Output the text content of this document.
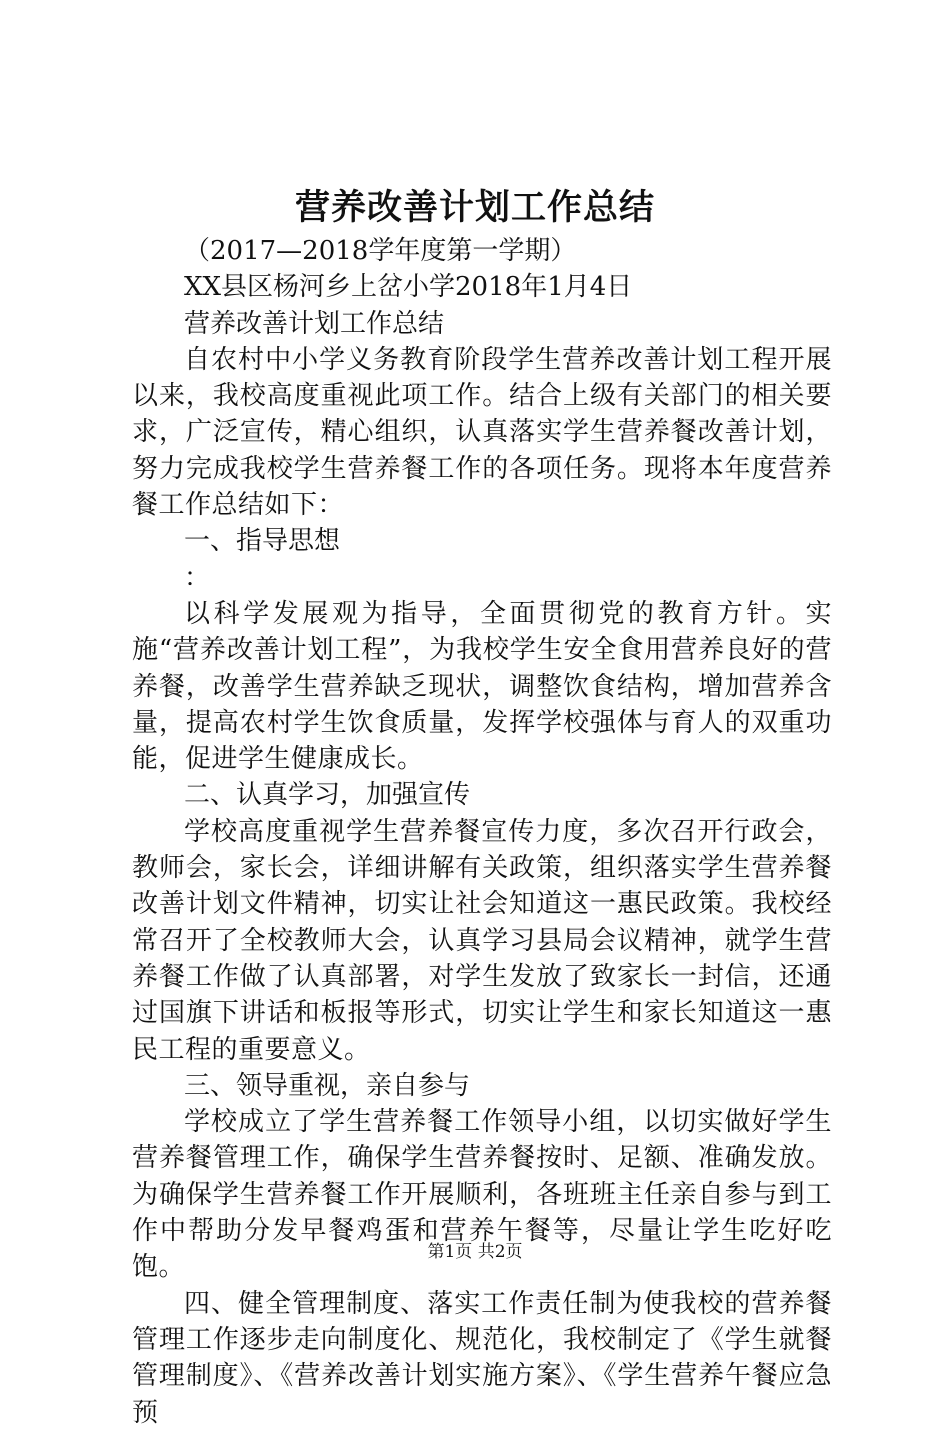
营养改善计划工作总结

（2017—2018学年度第一学期）

XX县区杨河乡上岔小学2018年1月4日

营养改善计划工作总结

自农村中小学义务教育阶段学生营养改善计划工程开展以来，我校高度重视此项工作。结合上级有关部门的相关要求，广泛宣传，精心组织，认真落实学生营养餐改善计划，努力完成我校学生营养餐工作的各项任务。现将本年度营养餐工作总结如下：

一、指导思想

：

以科学发展观为指导，全面贯彻党的教育方针。实施“营养改善计划工程”，为我校学生安全食用营养良好的营养餐，改善学生营养缺乏现状，调整饮食结构，增加营养含量，提高农村学生饮食质量，发挥学校强体与育人的双重功能，促进学生健康成长。

二、认真学习，加强宣传

学校高度重视学生营养餐宣传力度，多次召开行政会，教师会，家长会，详细讲解有关政策，组织落实学生营养餐改善计划文件精神，切实让社会知道这一惠民政策。我校经常召开了全校教师大会，认真学习县局会议精神，就学生营养餐工作做了认真部署，对学生发放了致家长一封信，还通过国旗下讲话和板报等形式，切实让学生和家长知道这一惠民工程的重要意义。

三、领导重视，亲自参与

学校成立了学生营养餐工作领导小组，以切实做好学生营养餐管理工作，确保学生营养餐按时、足额、准确发放。为确保学生营养餐工作开展顺利，各班班主任亲自参与到工作中帮助分发早餐鸡蛋和营养午餐等，尽量让学生吃好吃饱。

四、健全管理制度、落实工作责任制为使我校的营养餐管理工作逐步走向制度化、规范化，我校制定了《学生就餐管理制度》、《营养改善计划实施方案》、《学生营养午餐应急预

第1页 共2页
